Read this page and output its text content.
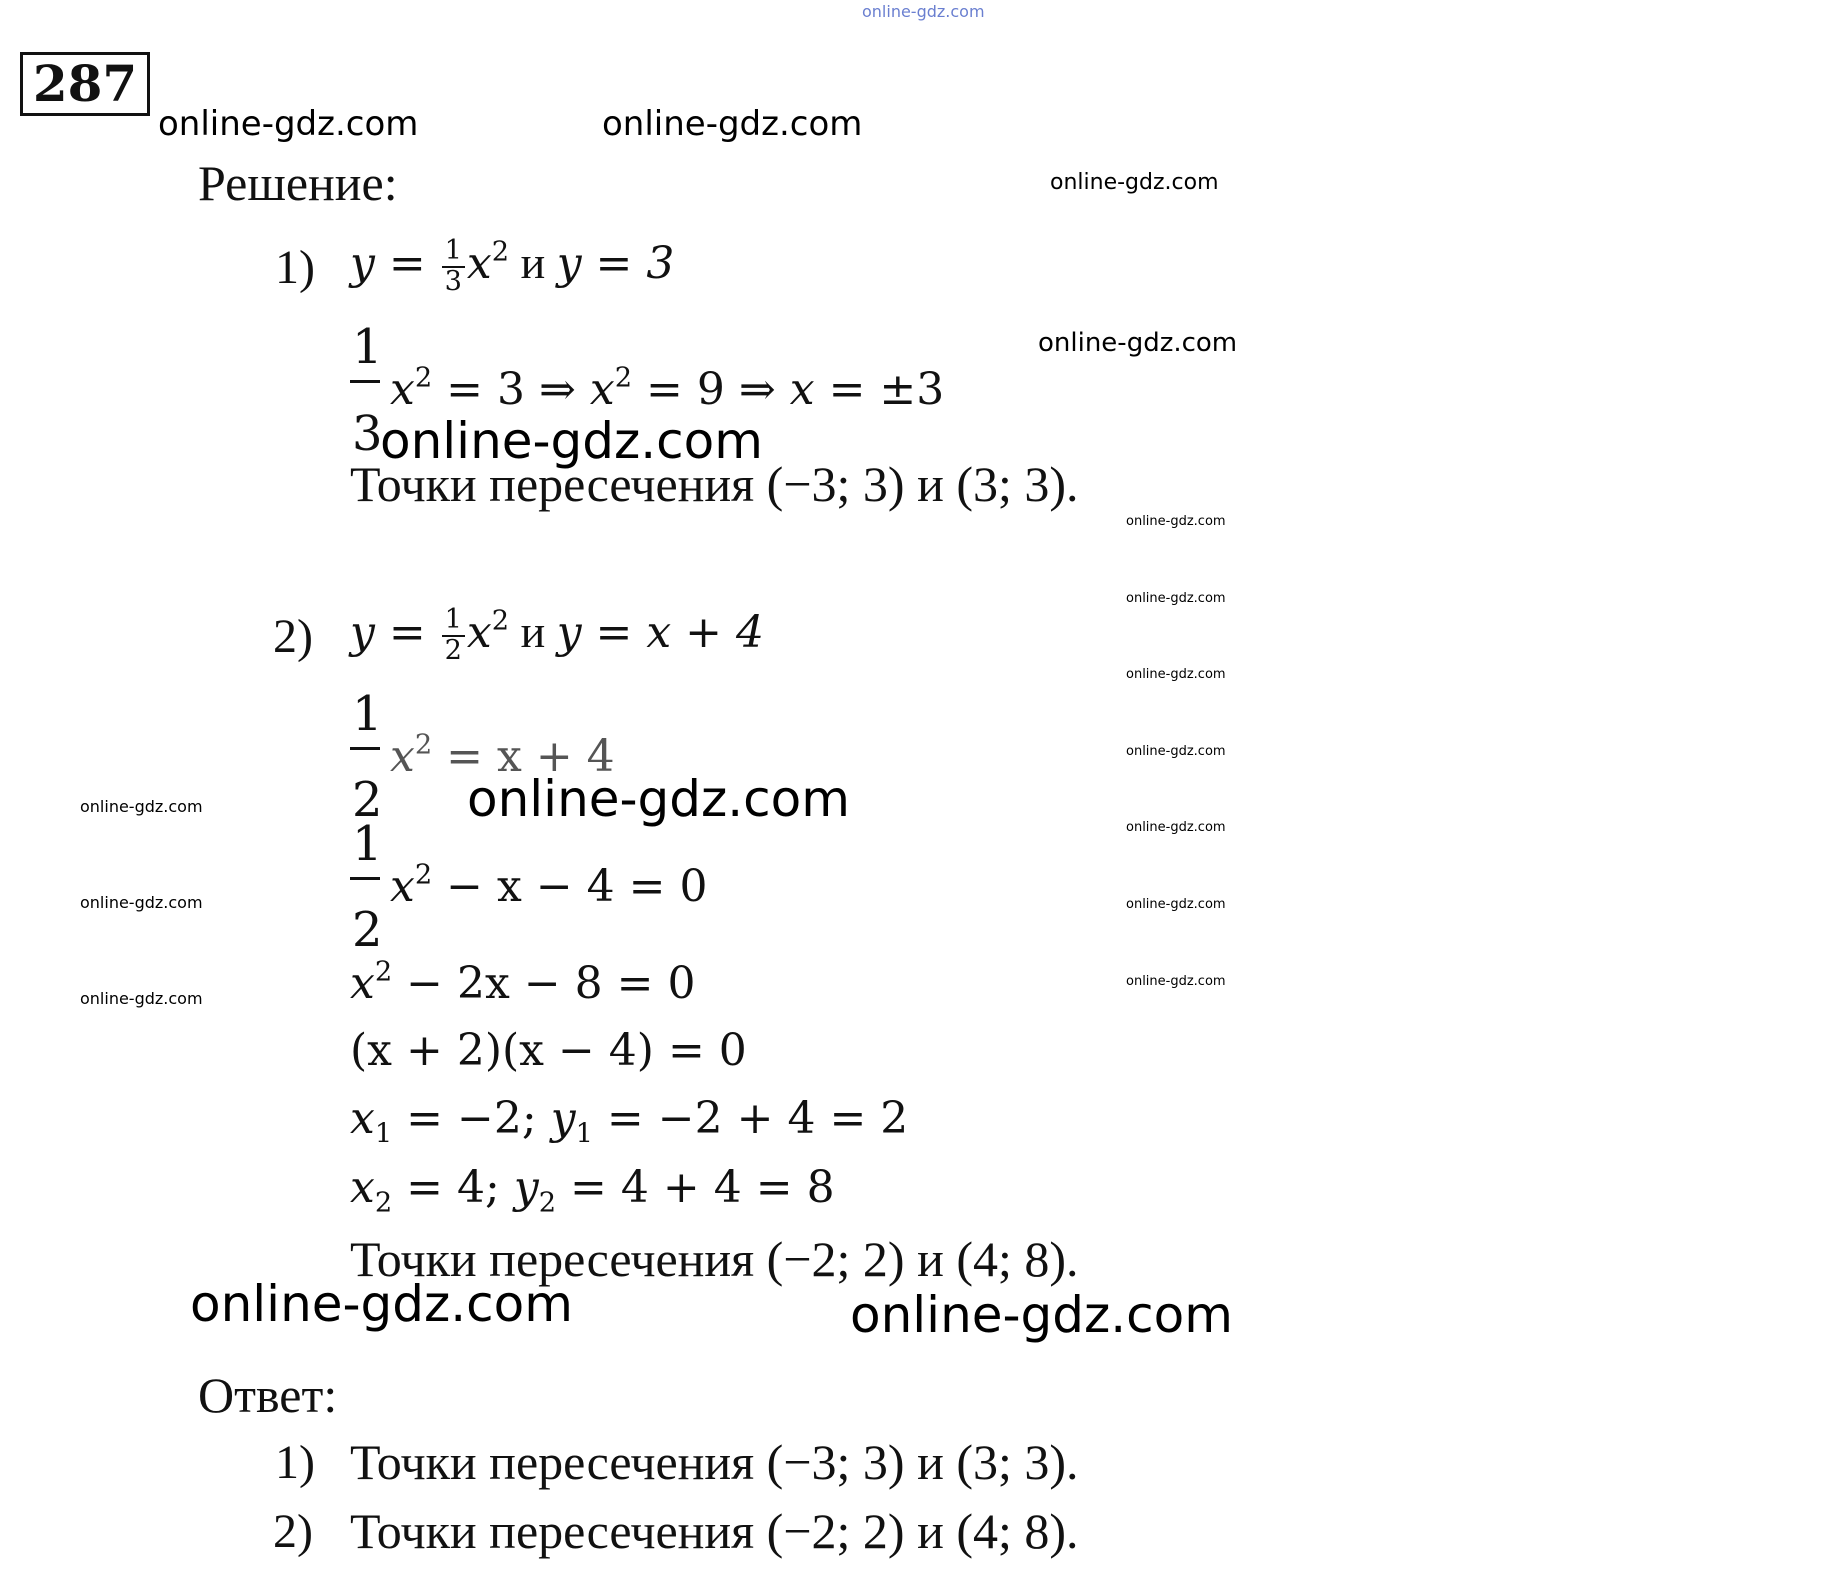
online-gdz.com
287
online-gdz.com	online-gdz.com
online-gdz.com
Решение:
1) $y = \frac{1}{3} x^2$ и y = 3
1
3
$x^2 = 3$ ⇒ $x^2 = 9$ ⇒ x = ±3
online-gdz.com
online-gdz.com
Точки пересечения (−3; 3) и (3; 3).
online-gdz.com
online-gdz.com
online-gdz.com
online-gdz.com
online-gdz.com
online-gdz.com
online-gdz.com
2) $y = \frac{1}{2} x^2$ и y = x + 4
1
2
$x^2 = x + 4$
online-gdz.com
online-gdz.com
1
2
$x^2 - x - 4 = 0$
online-gdz.com
$x^2 - 2x - 8 = 0$
online-gdz.com
(x + 2)(x − 4) = 0
$x_1 = -2$; $y_1 = -2 + 4 = 2$
$x_2 = 4$; $y_2 = 4 + 4 = 8$
Точки пересечения (−2; 2) и (4; 8).
online-gdz.com	online-gdz.com
Ответ:
1) Точки пересечения (−3; 3) и (3; 3).
2) Точки пересечения (−2; 2) и (4; 8).
